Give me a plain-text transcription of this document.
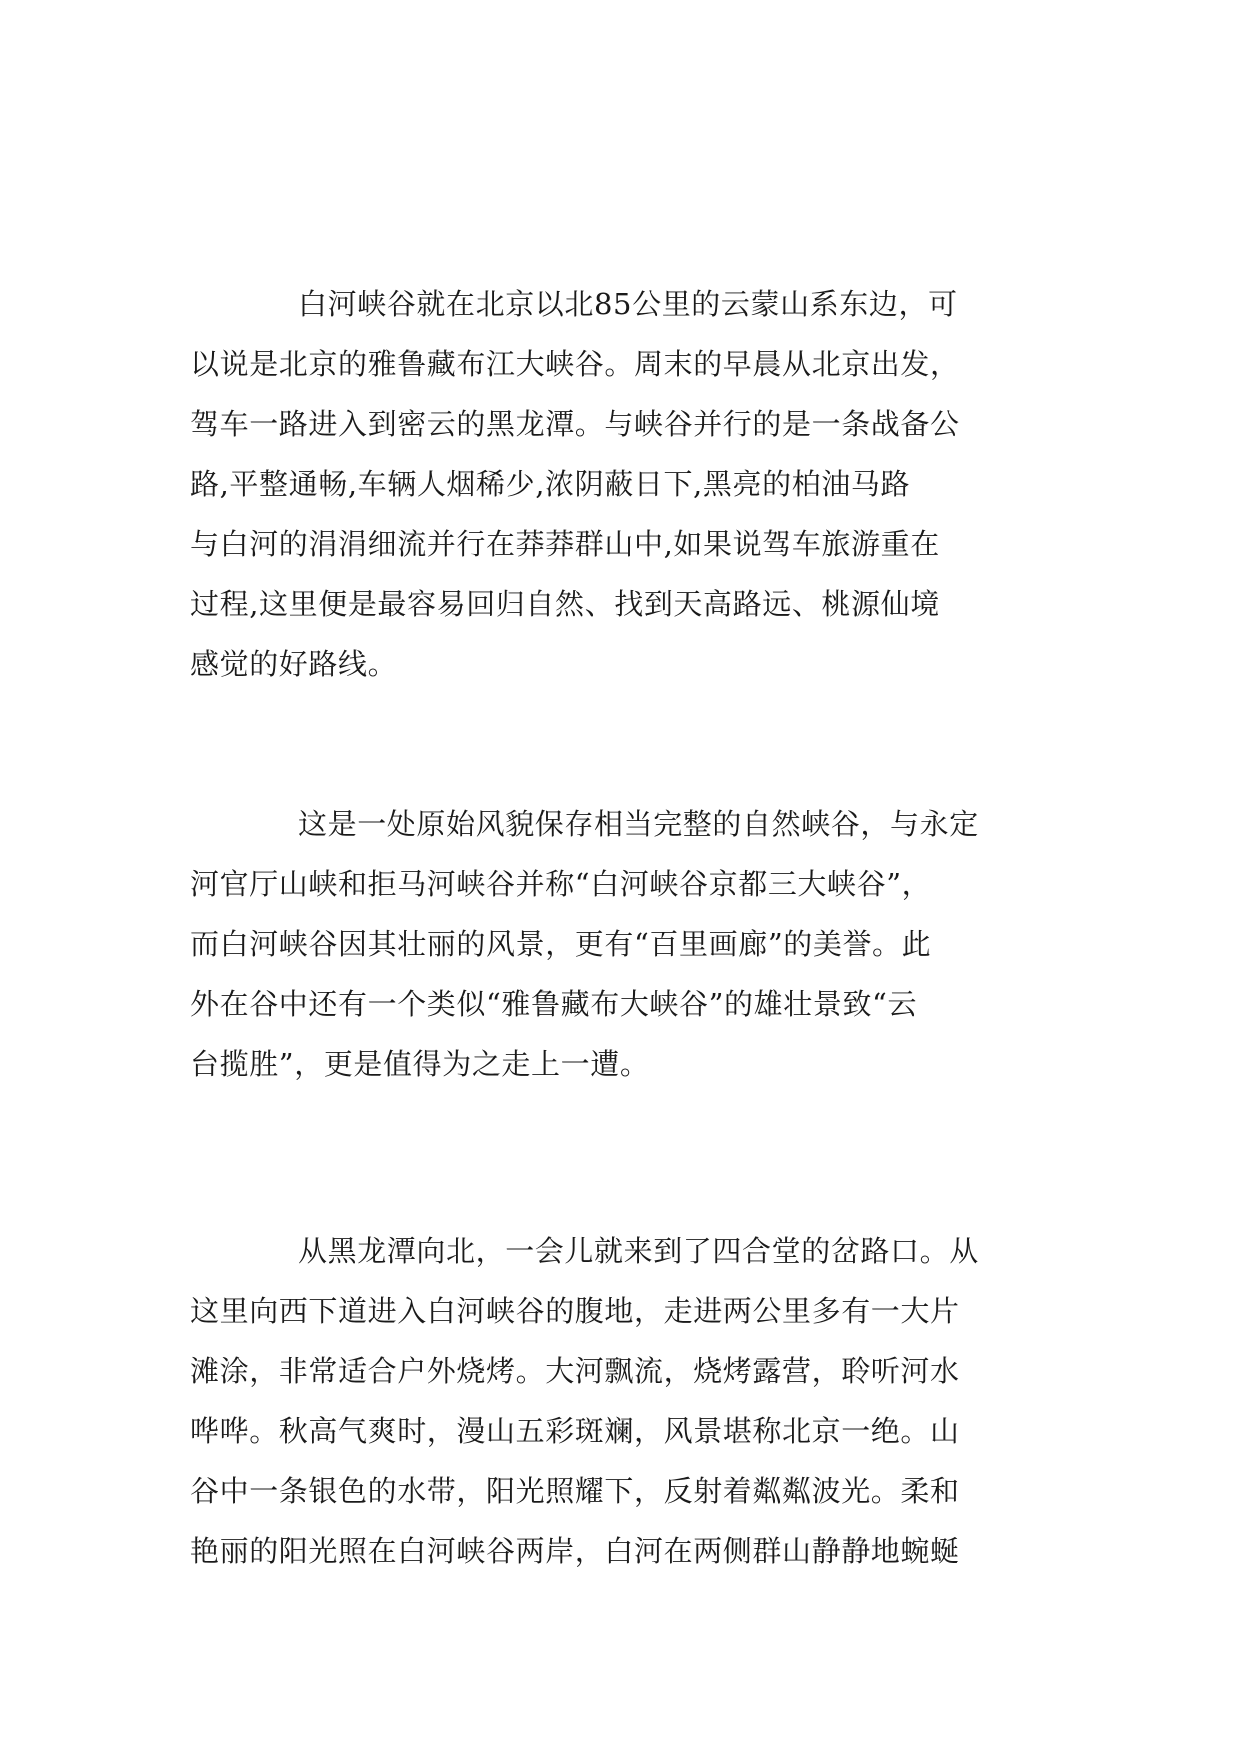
白河峡谷就在北京以北85公里的云蒙山系东边，可
以说是北京的雅鲁藏布江大峡谷。周末的早晨从北京出发，
驾车一路进入到密云的黑龙潭。与峡谷并行的是一条战备公
路,平整通畅,车辆人烟稀少,浓阴蔽日下,黑亮的柏油马路
与白河的涓涓细流并行在莽莽群山中,如果说驾车旅游重在
过程,这里便是最容易回归自然、找到天高路远、桃源仙境
感觉的好路线。
这是一处原始风貌保存相当完整的自然峡谷，与永定
河官厅山峡和拒马河峡谷并称“白河峡谷京都三大峡谷”，
而白河峡谷因其壮丽的风景，更有“百里画廊”的美誉。此
外在谷中还有一个类似“雅鲁藏布大峡谷”的雄壮景致“云
台揽胜”，更是值得为之走上一遭。
从黑龙潭向北，一会儿就来到了四合堂的岔路口。从
这里向西下道进入白河峡谷的腹地，走进两公里多有一大片
滩涂，非常适合户外烧烤。大河飘流，烧烤露营，聆听河水
哗哗。秋高气爽时，漫山五彩斑斓，风景堪称北京一绝。山
谷中一条银色的水带，阳光照耀下，反射着粼粼波光。柔和
艳丽的阳光照在白河峡谷两岸，白河在两侧群山静静地蜿蜒
